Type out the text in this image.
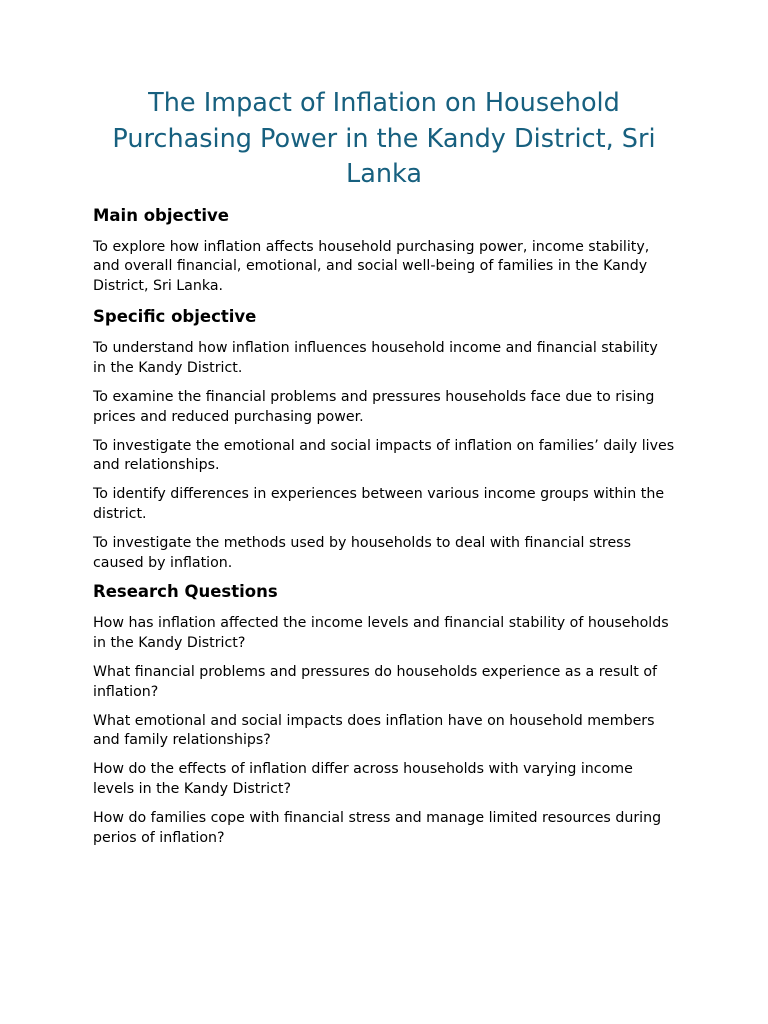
The Impact of Inflation on Household Purchasing Power in the Kandy District, Sri Lanka
Main objective

To explore how inflation affects household purchasing power, income stability, and overall financial, emotional, and social well-being of families in the Kandy District, Sri Lanka.

Specific objective

To understand how inflation influences household income and financial stability in the Kandy District.

To examine the financial problems and pressures households face due to rising prices and reduced purchasing power.

To investigate the emotional and social impacts of inflation on families’ daily lives and relationships.

To identify differences in experiences between various income groups within the district.

To investigate the methods used by households to deal with financial stress caused by inflation.

Research Questions

How has inflation affected the income levels and financial stability of households in the Kandy District?

What financial problems and pressures do households experience as a result of inflation?

What emotional and social impacts does inflation have on household members and family relationships?

How do the effects of inflation differ across households with varying income levels in the Kandy District?

How do families cope with financial stress and manage limited resources during perios of inflation?
